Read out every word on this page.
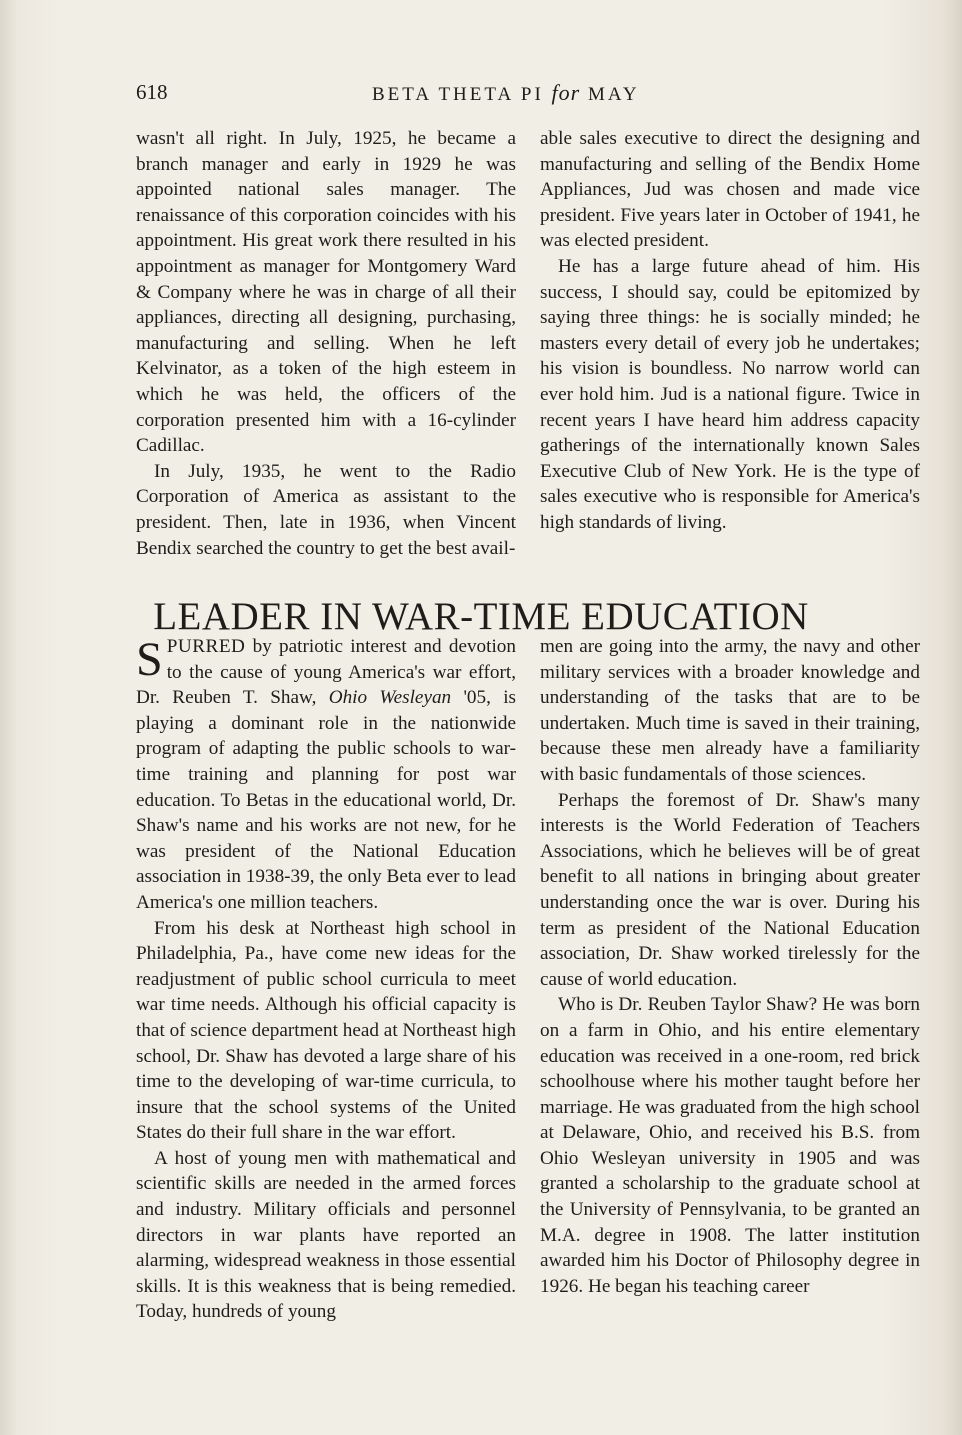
618	BETA THETA PI for MAY

wasn't all right. In July, 1925, he became a branch manager and early in 1929 he was appointed national sales manager. The renaissance of this corporation coincides with his appointment. His great work there resulted in his appointment as manager for Montgomery Ward & Company where he was in charge of all their appliances, directing all designing, purchasing, manufacturing and selling. When he left Kelvinator, as a token of the high esteem in which he was held, the officers of the corporation presented him with a 16-cylinder Cadillac.

In July, 1935, he went to the Radio Corporation of America as assistant to the president. Then, late in 1936, when Vincent Bendix searched the country to get the best avail-

able sales executive to direct the designing and manufacturing and selling of the Bendix Home Appliances, Jud was chosen and made vice president. Five years later in October of 1941, he was elected president.

He has a large future ahead of him. His success, I should say, could be epitomized by saying three things: he is socially minded; he masters every detail of every job he undertakes; his vision is boundless. No narrow world can ever hold him. Jud is a national figure. Twice in recent years I have heard him address capacity gatherings of the internationally known Sales Executive Club of New York. He is the type of sales executive who is responsible for America's high standards of living.

LEADER IN WAR-TIME EDUCATION

SPURRED by patriotic interest and devotion to the cause of young America's war effort, Dr. Reuben T. Shaw, Ohio Wesleyan '05, is playing a dominant role in the nationwide program of adapting the public schools to war-time training and planning for post war education. To Betas in the educational world, Dr. Shaw's name and his works are not new, for he was president of the National Education association in 1938-39, the only Beta ever to lead America's one million teachers.

From his desk at Northeast high school in Philadelphia, Pa., have come new ideas for the readjustment of public school curricula to meet war time needs. Although his official capacity is that of science department head at Northeast high school, Dr. Shaw has devoted a large share of his time to the developing of war-time curricula, to insure that the school systems of the United States do their full share in the war effort.

A host of young men with mathematical and scientific skills are needed in the armed forces and industry. Military officials and personnel directors in war plants have reported an alarming, widespread weakness in those essential skills. It is this weakness that is being remedied. Today, hundreds of young

men are going into the army, the navy and other military services with a broader knowledge and understanding of the tasks that are to be undertaken. Much time is saved in their training, because these men already have a familiarity with basic fundamentals of those sciences.

Perhaps the foremost of Dr. Shaw's many interests is the World Federation of Teachers Associations, which he believes will be of great benefit to all nations in bringing about greater understanding once the war is over. During his term as president of the National Education association, Dr. Shaw worked tirelessly for the cause of world education.

Who is Dr. Reuben Taylor Shaw? He was born on a farm in Ohio, and his entire elementary education was received in a one-room, red brick schoolhouse where his mother taught before her marriage. He was graduated from the high school at Delaware, Ohio, and received his B.S. from Ohio Wesleyan university in 1905 and was granted a scholarship to the graduate school at the University of Pennsylvania, to be granted an M.A. degree in 1908. The latter institution awarded him his Doctor of Philosophy degree in 1926. He began his teaching career
